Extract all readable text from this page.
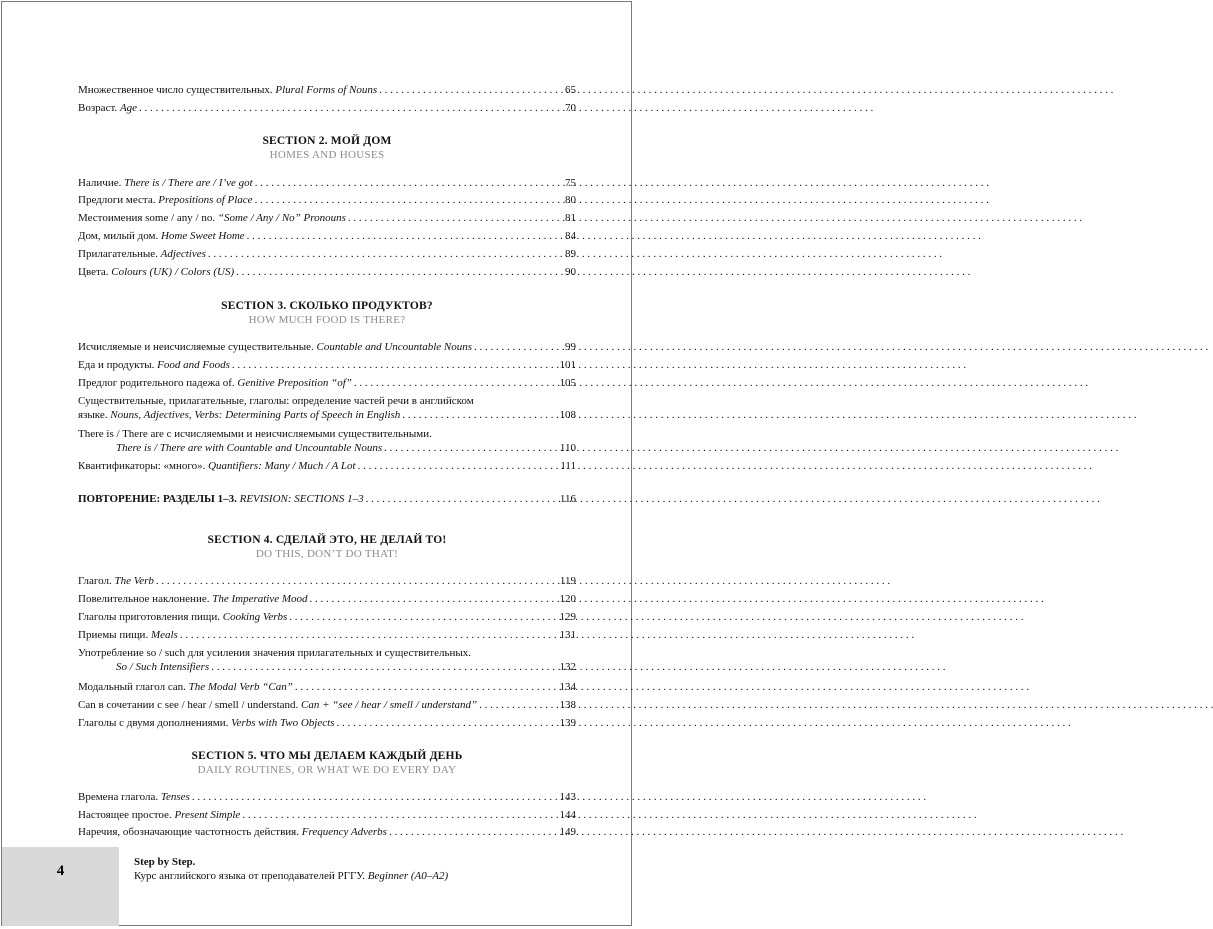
Множественное число существительных. Plural Forms of Nouns . . .	65
Возраст. Age . . .	70
SECTION 2. МОЙ ДОМ
HOMES AND HOUSES
Наличие. There is / There are / I’ve got . . .	75
Предлоги места. Prepositions of Place . . .	80
Местоимения some / any / no. “Some / Any / No” Pronouns . . .	81
Дом, милый дом. Home Sweet Home . . .	84
Прилагательные. Adjectives . . .	89
Цвета. Colours (UK) / Colors (US) . . .	90
SECTION 3. СКОЛЬКО ПРОДУКТОВ?
HOW MUCH FOOD IS THERE?
Исчисляемые и неисчисляемые существительные. Countable and Uncountable Nouns . . .	99
Еда и продукты. Food and Foods . . .	101
Предлог родительного падежа of. Genitive Preposition “of” . . .	105
Существительные, прилагательные, глаголы: определение частей речи в английском
языке. Nouns, Adjectives, Verbs: Determining Parts of Speech in English . . .	108
There is / There are с исчисляемыми и неисчисляемыми существительными.
There is / There are with Countable and Uncountable Nouns . . .	110
Квантификаторы: «много». Quantifiers: Many / Much / A Lot . . .	111
ПОВТОРЕНИЕ: РАЗДЕЛЫ 1–3. REVISION: SECTIONS 1–3 . . .	116
SECTION 4. СДЕЛАЙ ЭТО, НЕ ДЕЛАЙ ТО!
DO THIS, DON’T DO THAT!
Глагол. The Verb . . .	119
Повелительное наклонение. The Imperative Mood . . .	120
Глаголы приготовления пищи. Cooking Verbs . . .	129
Приемы пищи. Meals . . .	131
Употребление so / such для усиления значения прилагательных и существительных.
So / Such Intensifiers . . .	132
Модальный глагол can. The Modal Verb “Can” . . .	134
Can в сочетании с see / hear / smell / understand. Can + “see / hear / smell / understand” . . .	138
Глаголы с двумя дополнениями. Verbs with Two Objects . . .	139
SECTION 5. ЧТО МЫ ДЕЛАЕМ КАЖДЫЙ ДЕНЬ
DAILY ROUTINES, OR WHAT WE DO EVERY DAY
Времена глагола. Tenses . . .	143
Настоящее простое. Present Simple . . .	144
Наречия, обозначающие частотность действия. Frequency Adverbs . . .	149
4
Step by Step.
Курс английского языка от преподавателей РГГУ. Beginner (A0–A2)
